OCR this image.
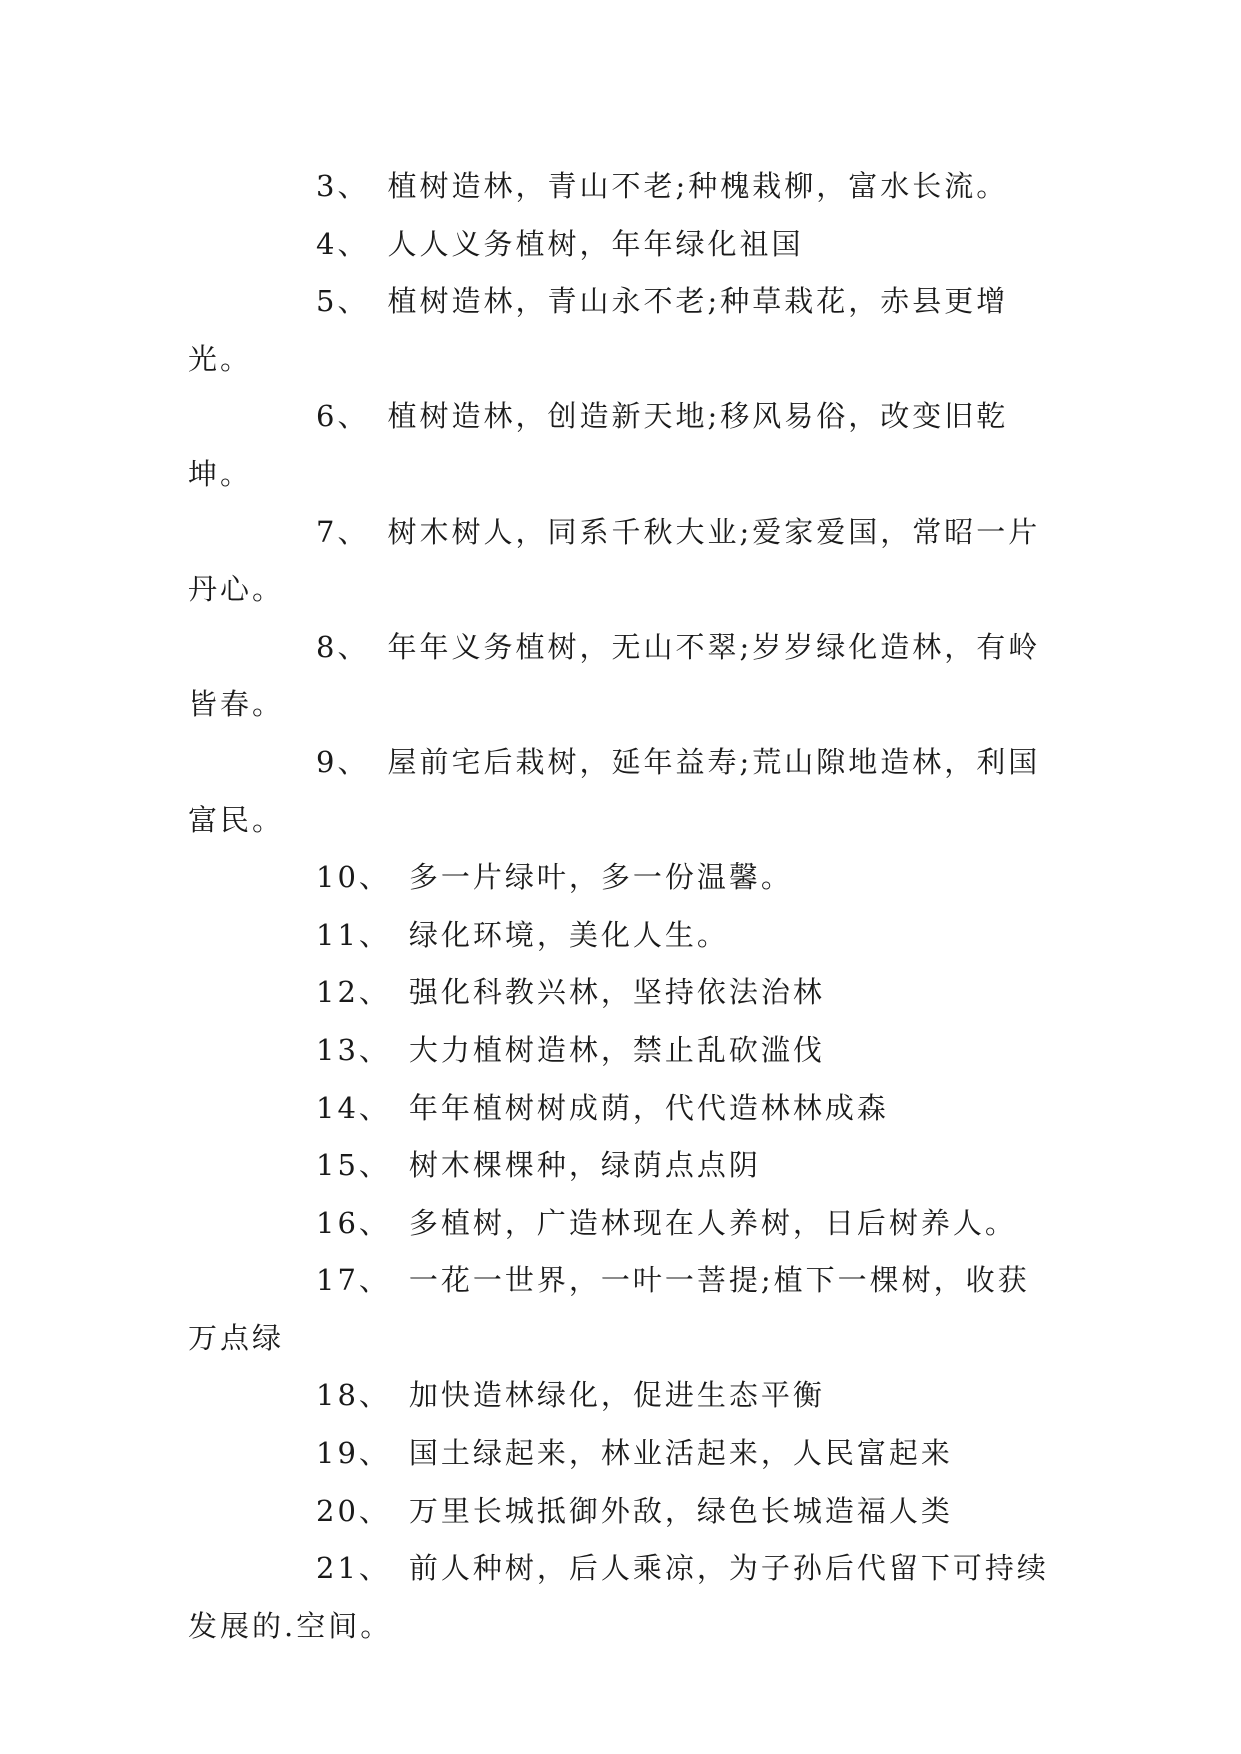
3、 植树造林，青山不老;种槐栽柳，富水长流。

4、 人人义务植树，年年绿化祖国

5、 植树造林，青山永不老;种草栽花，赤县更增光。

6、 植树造林，创造新天地;移风易俗，改变旧乾坤。

7、 树木树人，同系千秋大业;爱家爱国，常昭一片丹心。

8、 年年义务植树，无山不翠;岁岁绿化造林，有岭皆春。

9、 屋前宅后栽树，延年益寿;荒山隙地造林，利国富民。

10、 多一片绿叶，多一份温馨。

11、 绿化环境，美化人生。

12、 强化科教兴林，坚持依法治林

13、 大力植树造林，禁止乱砍滥伐

14、 年年植树树成荫，代代造林林成森

15、 树木棵棵种，绿荫点点阴

16、 多植树，广造林现在人养树，日后树养人。

17、 一花一世界，一叶一菩提;植下一棵树，收获万点绿

18、 加快造林绿化，促进生态平衡

19、 国土绿起来，林业活起来，人民富起来

20、 万里长城抵御外敌，绿色长城造福人类

21、 前人种树，后人乘凉，为子孙后代留下可持续发展的.空间。
